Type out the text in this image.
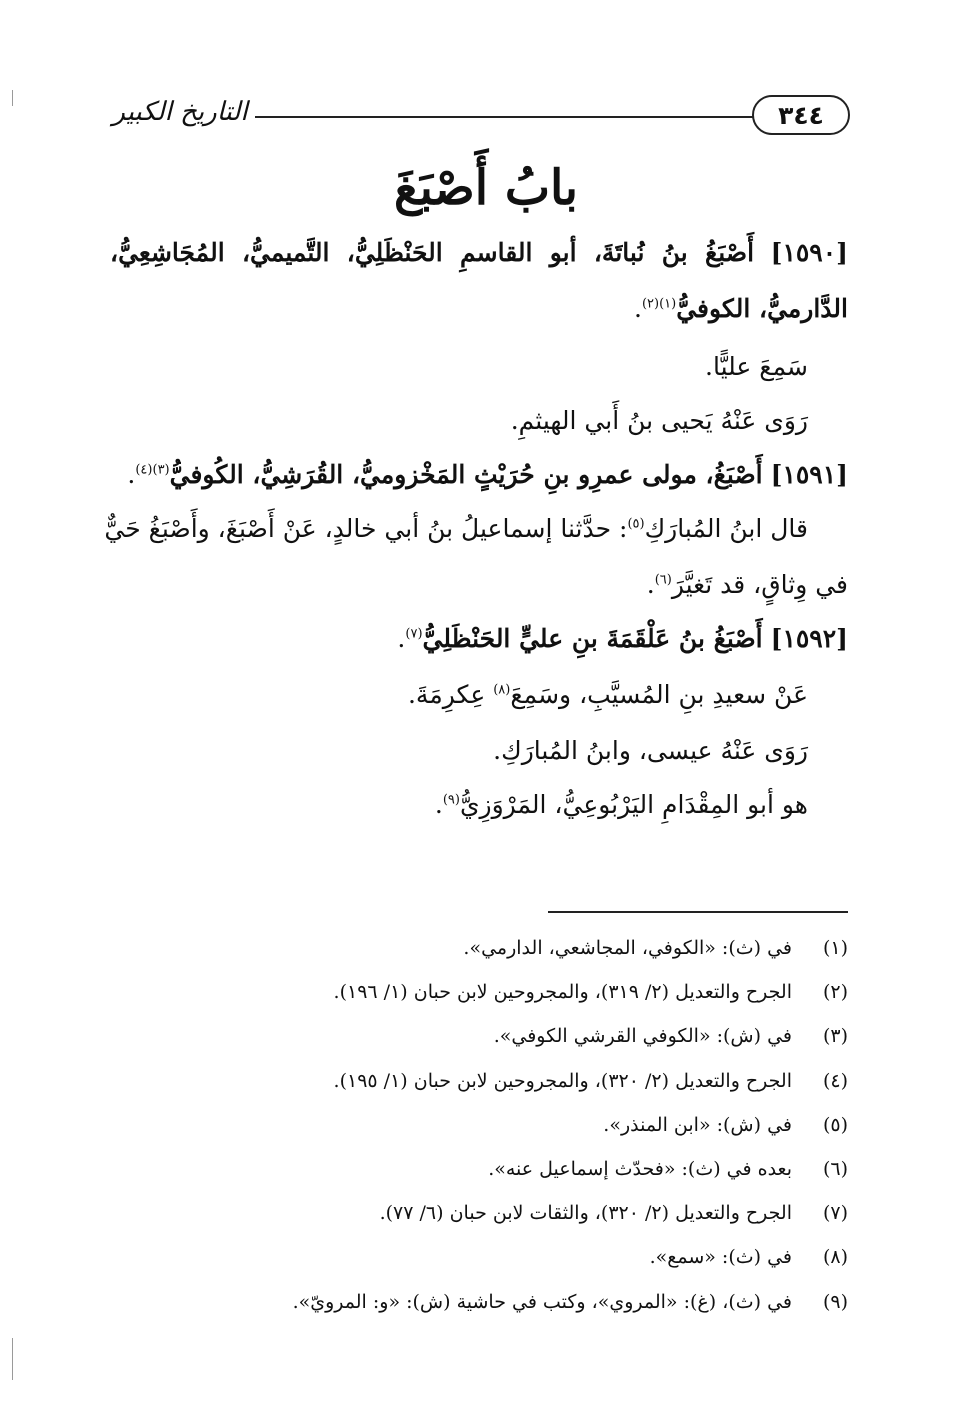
٣٤٤
التاريخ الكبير
بابُ أَصْبَغَ
[١٥٩٠] أَصْبَغُ بنُ نُباتَةَ، أبو القاسمِ الحَنْظَلِيُّ، التَّميميُّ، المُجَاشِعِيُّ،
الدَّارميُّ، الكوفيُّ$^{(١)(٢)}$.
سَمِعَ عليًّا.
رَوَى عَنْهُ يَحيى بنُ أَبي الهيثمِ.
[١٥٩١] أَصْبَغُ، مولى عمرِو بنِ حُرَيْثٍ المَخْزوميُّ، القُرَشِيُّ، الكُوفيُّ$^{(٣)(٤)}$.
قال ابنُ المُبارَكِ$^{(٥)}$: حدَّثنا إسماعيلُ بنُ أبي خالدٍ، عَنْ أَصْبَغَ، وأَصْبَغُ حَيٌّ
في وِثاقٍ، قد تَغيَّرَ$^{(٦)}$.
[١٥٩٢] أَصْبَغُ بنُ عَلْقَمَةَ بنِ عليٍّ الحَنْظَلِيُّ$^{(٧)}$.
عَنْ سعيدِ بنِ المُسيَّبِ، وسَمِعَ$^{(٨)}$ عِكرِمَةَ.
رَوَى عَنْهُ عيسى، وابنُ المُبارَكِ.
هو أبو المِقْدَامِ اليَرْبُوعِيُّ، المَرْوَزِيُّ$^{(٩)}$.
(١)
في (ث): «الكوفي، المجاشعي، الدارمي».
(٢)
الجرح والتعديل (٢/ ٣١٩)، والمجروحين لابن حبان (١/ ١٩٦).
(٣)
في (ش): «الكوفي القرشي الكوفي».
(٤)
الجرح والتعديل (٢/ ٣٢٠)، والمجروحين لابن حبان (١/ ١٩٥).
(٥)
في (ش): «ابن المنذر».
(٦)
بعده في (ث): «فحدّث إسماعيل عنه».
(٧)
الجرح والتعديل (٢/ ٣٢٠)، والثقات لابن حبان (٦/ ٧٧).
(٨)
في (ث): «سمع».
(٩)
في (ث)، (غ): «المروي»، وكتب في حاشية (ش): «و: المرويّ».
